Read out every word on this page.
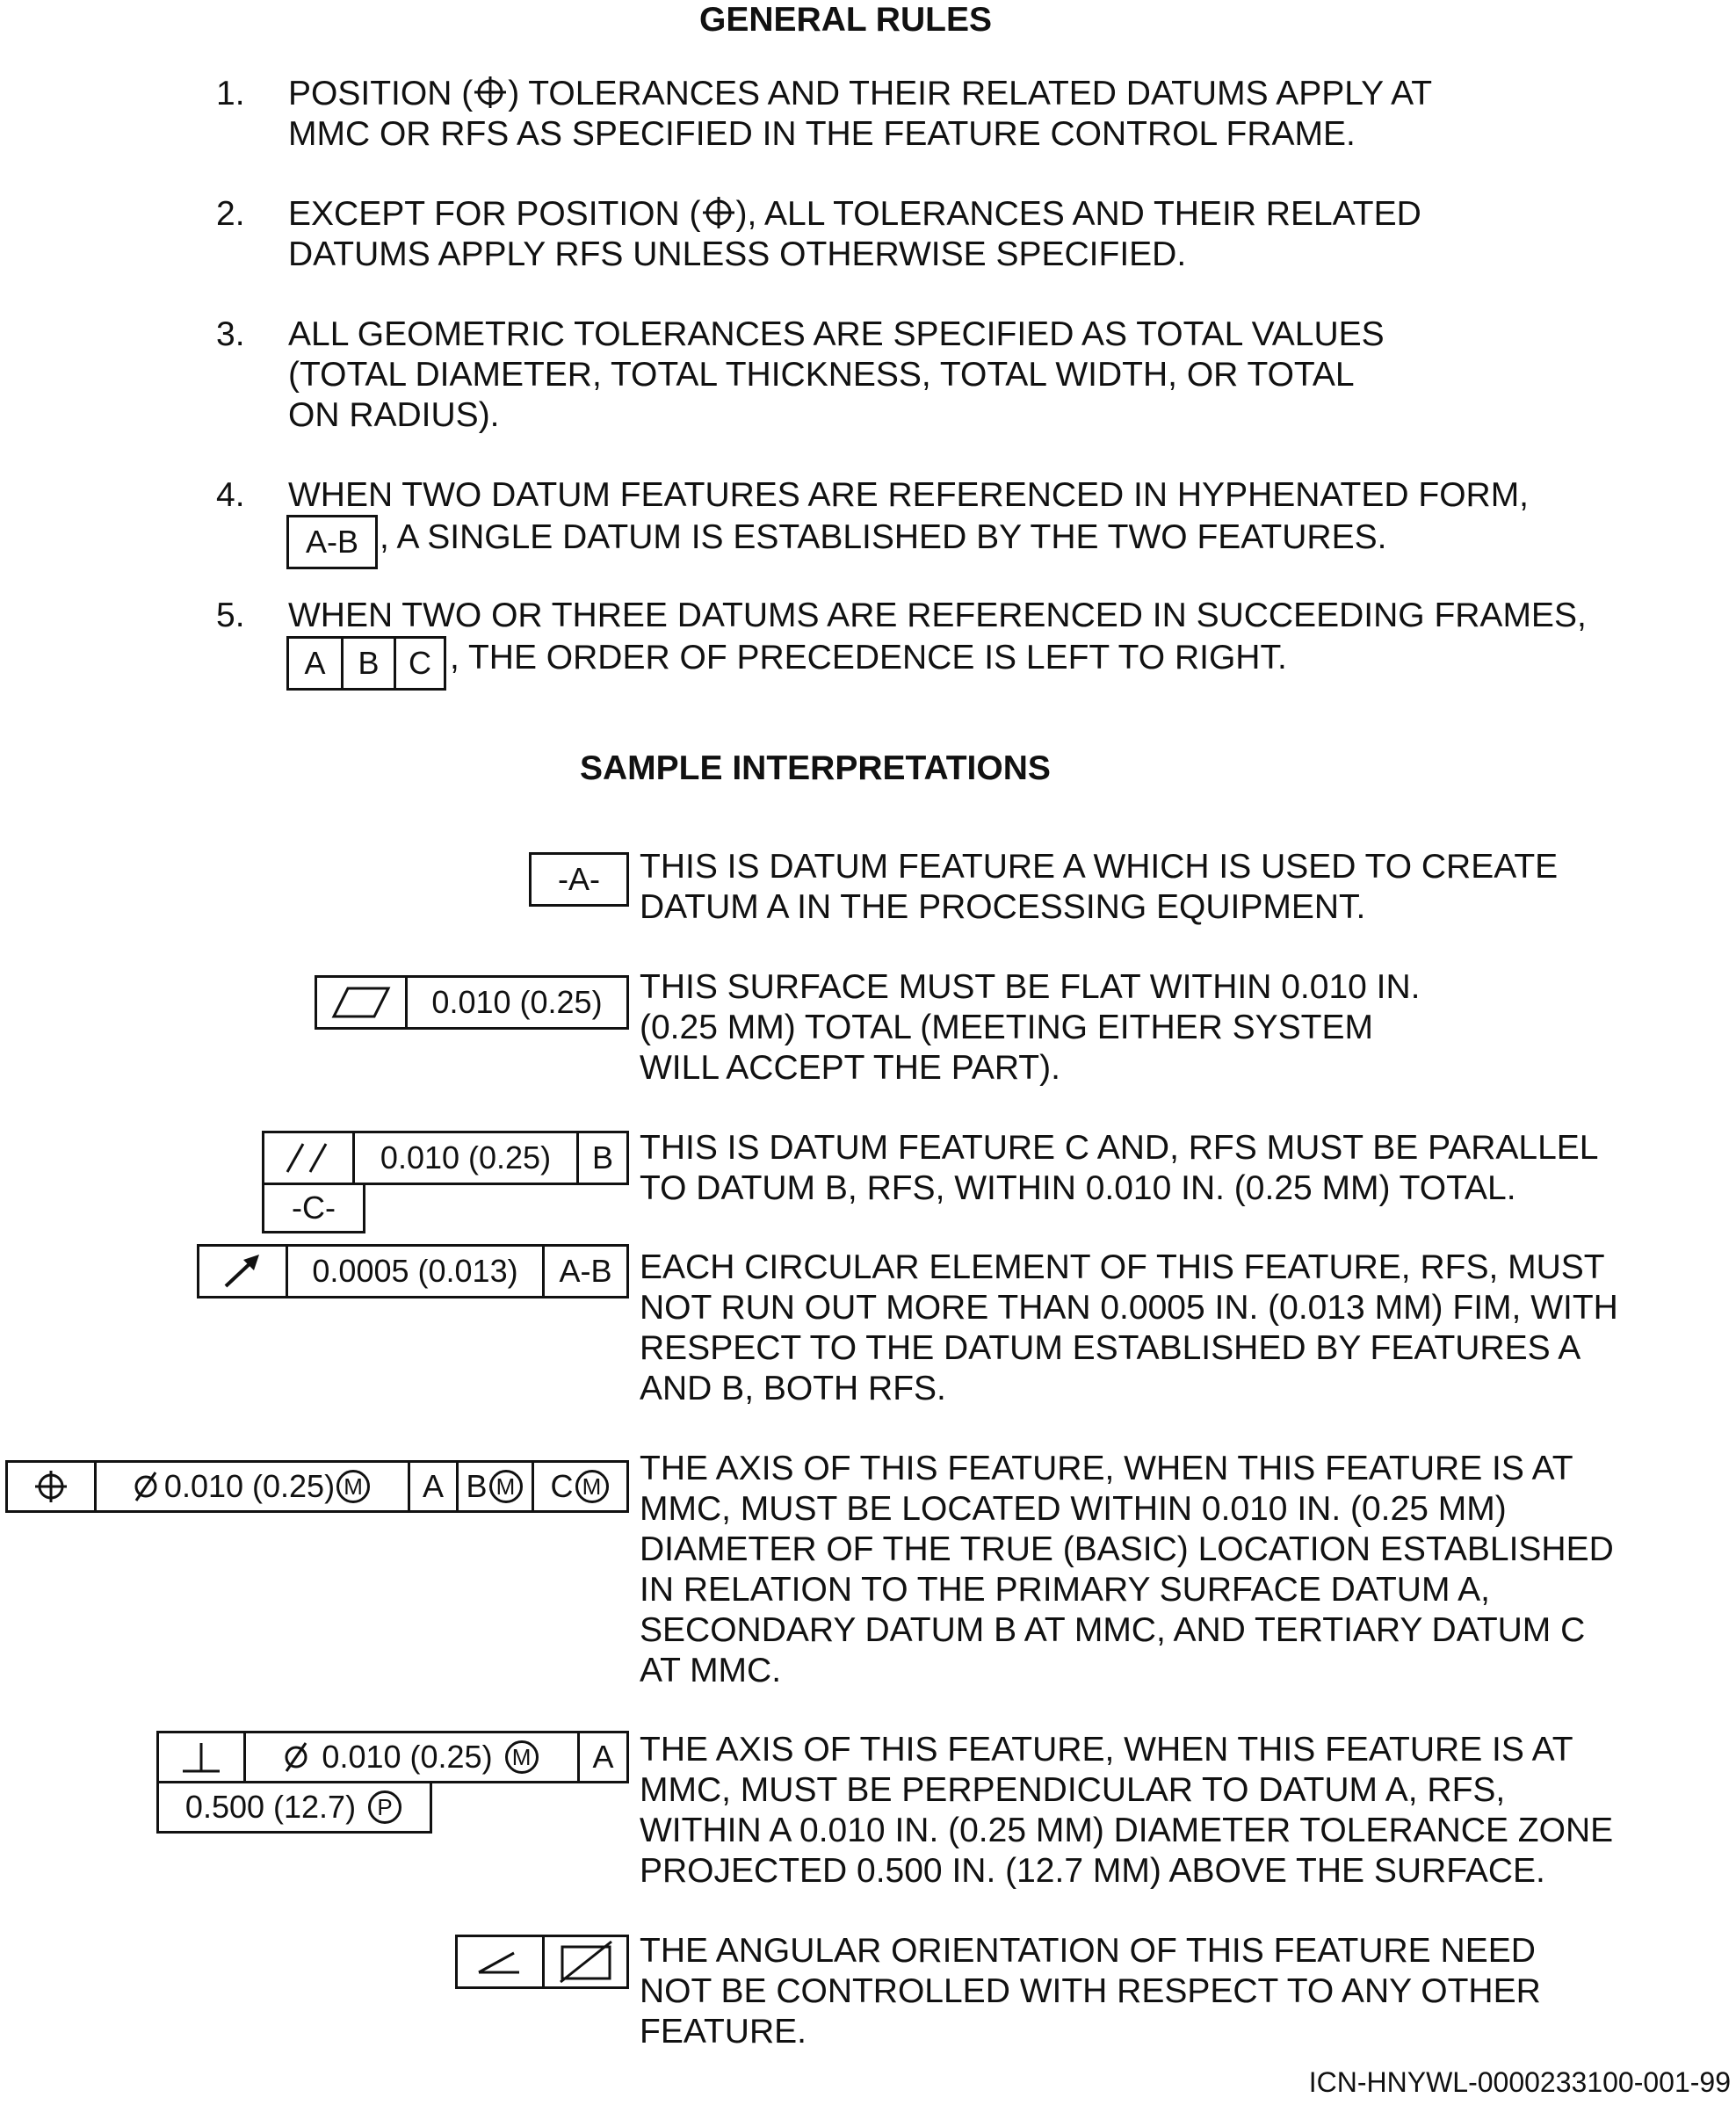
GENERAL RULES
1. POSITION ( ) TOLERANCES AND THEIR RELATED DATUMS APPLY AT
MMC OR RFS AS SPECIFIED IN THE FEATURE CONTROL FRAME.
2. EXCEPT FOR POSITION ( ), ALL TOLERANCES AND THEIR RELATED
DATUMS APPLY RFS UNLESS OTHERWISE SPECIFIED.
3. ALL GEOMETRIC TOLERANCES ARE SPECIFIED AS TOTAL VALUES
(TOTAL DIAMETER, TOTAL THICKNESS, TOTAL WIDTH, OR TOTAL
ON RADIUS).
4. WHEN TWO DATUM FEATURES ARE REFERENCED IN HYPHENATED FORM,
A-B , A SINGLE DATUM IS ESTABLISHED BY THE TWO FEATURES.
5. WHEN TWO OR THREE DATUMS ARE REFERENCED IN SUCCEEDING FRAMES,
A	B C , THE ORDER OF PRECEDENCE IS LEFT TO RIGHT.
SAMPLE INTERPRETATIONS
-A-	THIS IS DATUM FEATURE A WHICH IS USED TO CREATE
DATUM A IN THE PROCESSING EQUIPMENT.
0.010 (0.25)	THIS SURFACE MUST BE FLAT WITHIN 0.010 IN.
(0.25 MM) TOTAL (MEETING EITHER SYSTEM
WILL ACCEPT THE PART).
0.010 (0.25)	B
-C-
THIS IS DATUM FEATURE C AND, RFS MUST BE PARALLEL
TO DATUM B, RFS, WITHIN 0.010 IN. (0.25 MM) TOTAL.
0.0005 (0.013)	A-B EACH CIRCULAR ELEMENT OF THIS FEATURE, RFS, MUST
NOT RUN OUT MORE THAN 0.0005 IN. (0.013 MM) FIM, WITH
RESPECT TO THE DATUM ESTABLISHED BY FEATURES A
AND B, BOTH RFS.
0.010 (0.25) M	A B M C M THE AXIS OF THIS FEATURE, WHEN THIS FEATURE IS AT
MMC, MUST BE LOCATED WITHIN 0.010 IN. (0.25 MM)
DIAMETER OF THE TRUE (BASIC) LOCATION ESTABLISHED
IN RELATION TO THE PRIMARY SURFACE DATUM A,
SECONDARY DATUM B AT MMC, AND TERTIARY DATUM C
AT MMC.
0.010 (0.25) M	A
0.500 (12.7) P
THE AXIS OF THIS FEATURE, WHEN THIS FEATURE IS AT
MMC, MUST BE PERPENDICULAR TO DATUM A, RFS,
WITHIN A 0.010 IN. (0.25 MM) DIAMETER TOLERANCE ZONE
PROJECTED 0.500 IN. (12.7 MM) ABOVE THE SURFACE.
THE ANGULAR ORIENTATION OF THIS FEATURE NEED
NOT BE CONTROLLED WITH RESPECT TO ANY OTHER
FEATURE.
ICN-HNYWL-0000233100-001-99
